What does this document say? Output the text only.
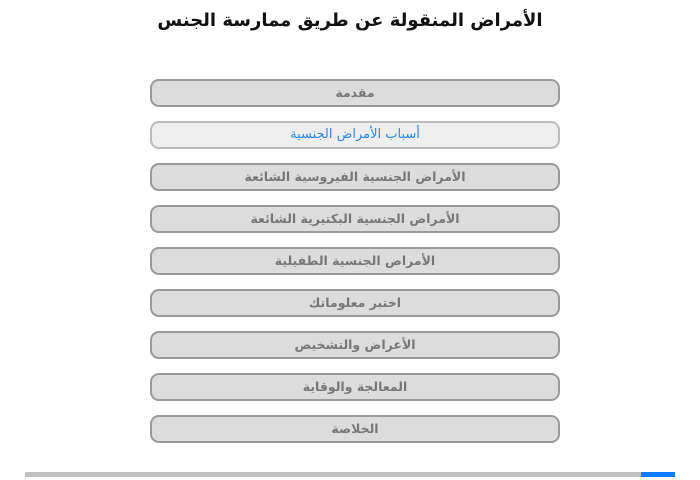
الأمراض المنقولة عن طريق ممارسة الجنس
مقدمة
أسباب الأمراض الجنسية
الأمراض الجنسية الفيروسية الشائعة
الأمراض الجنسية البكتيرية الشائعة
الأمراض الجنسية الطفيلية
اختبر معلوماتك
الأعراض والتشخيص
المعالجة والوقاية
الخلاصة
